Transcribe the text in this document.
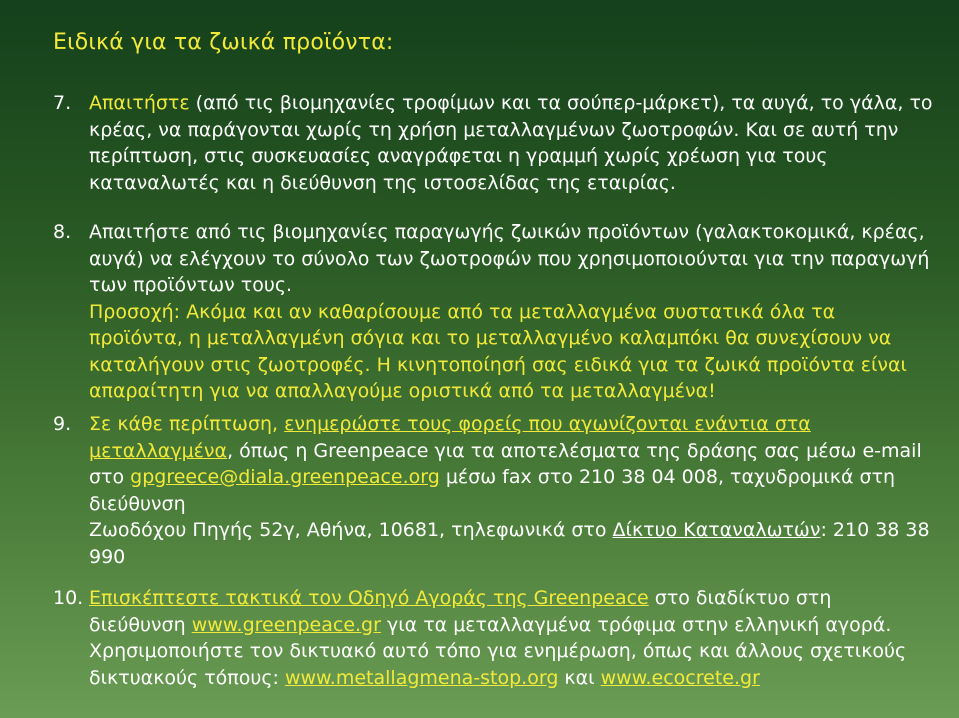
Ειδικά για τα ζωικά προϊόντα:
7. Απαιτήστε (από τις βιομηχανίες τροφίμων και τα σούπερ-μάρκετ), τα αυγά, το γάλα, το κρέας, να παράγονται χωρίς τη χρήση μεταλλαγμένων ζωοτροφών. Και σε αυτή την περίπτωση, στις συσκευασίες αναγράφεται η γραμμή χωρίς χρέωση για τους καταναλωτές και η διεύθυνση της ιστοσελίδας της εταιρίας.

8. Απαιτήστε από τις βιομηχανίες παραγωγής ζωικών προϊόντων (γαλακτοκομικά, κρέας, αυγά) να ελέγχουν το σύνολο των ζωοτροφών που χρησιμοποιούνται για την παραγωγή των προϊόντων τους.

Προσοχή: Ακόμα και αν καθαρίσουμε από τα μεταλλαγμένα συστατικά όλα τα προϊόντα, η μεταλλαγμένη σόγια και το μεταλλαγμένο καλαμπόκι θα συνεχίσουν να καταλήγουν στις ζωοτροφές. Η κινητοποίησή σας ειδικά για τα ζωικά προϊόντα είναι απαραίτητη για να απαλλαγούμε οριστικά από τα μεταλλαγμένα!

9. Σε κάθε περίπτωση, ενημερώστε τους φορείς που αγωνίζονται ενάντια στα μεταλλαγμένα, όπως η Greenpeace για τα αποτελέσματα της δράσης σας μέσω e-mail στο gpgreece@diala.greenpeace.org μέσω fax στο 210 38 04 008, ταχυδρομικά στη διεύθυνση
Ζωοδόχου Πηγής 52γ, Αθήνα, 10681, τηλεφωνικά στο Δίκτυο Καταναλωτών: 210 38 38 990

10. Επισκέπτεστε τακτικά τον Οδηγό Αγοράς της Greenpeace στο διαδίκτυο στη διεύθυνση www.greenpeace.gr για τα μεταλλαγμένα τρόφιμα στην ελληνική αγορά. Χρησιμοποιήστε τον δικτυακό αυτό τόπο για ενημέρωση, όπως και άλλους σχετικούς δικτυακούς τόπους: www.metallagmena-stop.org και www.ecocrete.gr
